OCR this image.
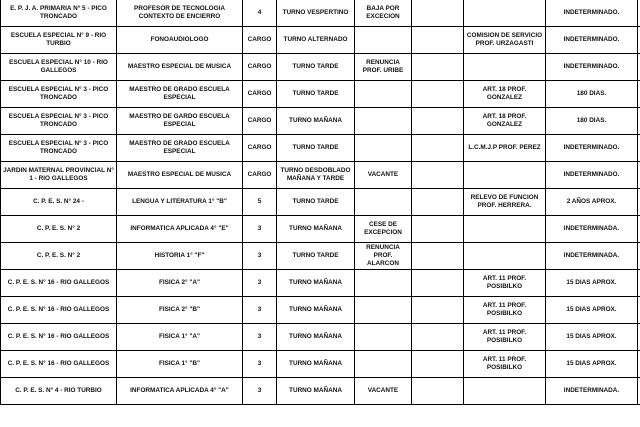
E. P. J. A. PRIMARIA N° 5 - PICO TRONCADO	PROFESOR DE TECNOLOGIA CONTEXTO DE ENCIERRO	4	TURNO VESPERTINO	BAJA POR EXCECION			INDETERMINADO.	
ESCUELA ESPECIAL N° 9 - RIO TURBIO	FONOAUDIOLOGO	CARGO	TURNO ALTERNADO			COMISION DE SERVICIO PROF. URZAGASTI	INDETERMINADO.	
ESCUELA ESPECIAL N° 10 - RIO GALLEGOS	MAESTRO ESPECIAL DE MUSICA	CARGO	TURNO TARDE	RENUNCIA PROF. URIBE			INDETERMINADO.	
ESCUELA ESPECIAL N° 3 - PICO TRONCADO	MAESTRO DE GRADO ESCUELA ESPECIAL	CARGO	TURNO TARDE			ART. 18 PROF. GONZALEZ	180 DIAS.	
ESCUELA ESPECIAL N° 3 - PICO TRONCADO	MAESTRO DE GARDO ESCUELA ESPECIAL	CARGO	TURNO MAÑANA			ART. 18 PROF. GONZALEZ	180 DIAS.	
ESCUELA ESPECIAL N° 3 - PICO TRONCADO	MAESTRO DE GRADO ESCUELA ESPECIAL	CARGO	TURNO TARDE			L.C.M.J.P PROF. PEREZ	INDETERMINADO.	
JARDIN MATERNAL PROVINCIAL N° 1 - RIO GALLEGOS	MAESTRO ESPECIAL DE MUSICA	CARGO	TURNO DESDOBLADO MAÑANA Y TARDE	VACANTE			INDETERMINADO.	
C. P. E. S. N° 24 -	LENGUA Y LITERATURA 1° "B"	5	TURNO TARDE			RELEVO DE FUNCION PROF. HERRERA.	2 AÑOS APROX.	
C. P. E. S. N° 2	INFORMATICA APLICADA 4° "E"	3	TURNO MAÑANA	CESE DE EXCEPCION			INDETERMINADA.	
C. P. E. S. N° 2	HISTORIA 1° "F"	3	TURNO TARDE	RENUNCIA PROF. ALARCON			INDETERMINADA.	
C. P. E. S. N° 16 - RIO GALLEGOS	FISICA 2° "A"	3	TURNO MAÑANA			ART. 11 PROF. POSIBILKO	15 DIAS APROX.	
C. P. E. S. N° 16 - RIO GALLEGOS	FISICA 2° "B"	3	TURNO MAÑANA			ART. 11 PROF. POSIBILKO	15 DIAS APROX.	
C. P. E. S. N° 16 - RIO GALLEGOS	FISICA 1° "A"	3	TURNO MAÑANA			ART. 11 PROF. POSIBILKO	15 DIAS APROX.	
C. P. E. S. N° 16 - RIO GALLEGOS	FISICA 1° "B"	3	TURNO MAÑANA			ART. 11 PROF. POSIBILKO	15 DIAS APROX.	
C. P. E. S. N° 4 - RIO TURBIO	INFORMATICA APLICADA 4° "A"	3	TURNO MAÑANA	VACANTE			INDETERMINADA.	
